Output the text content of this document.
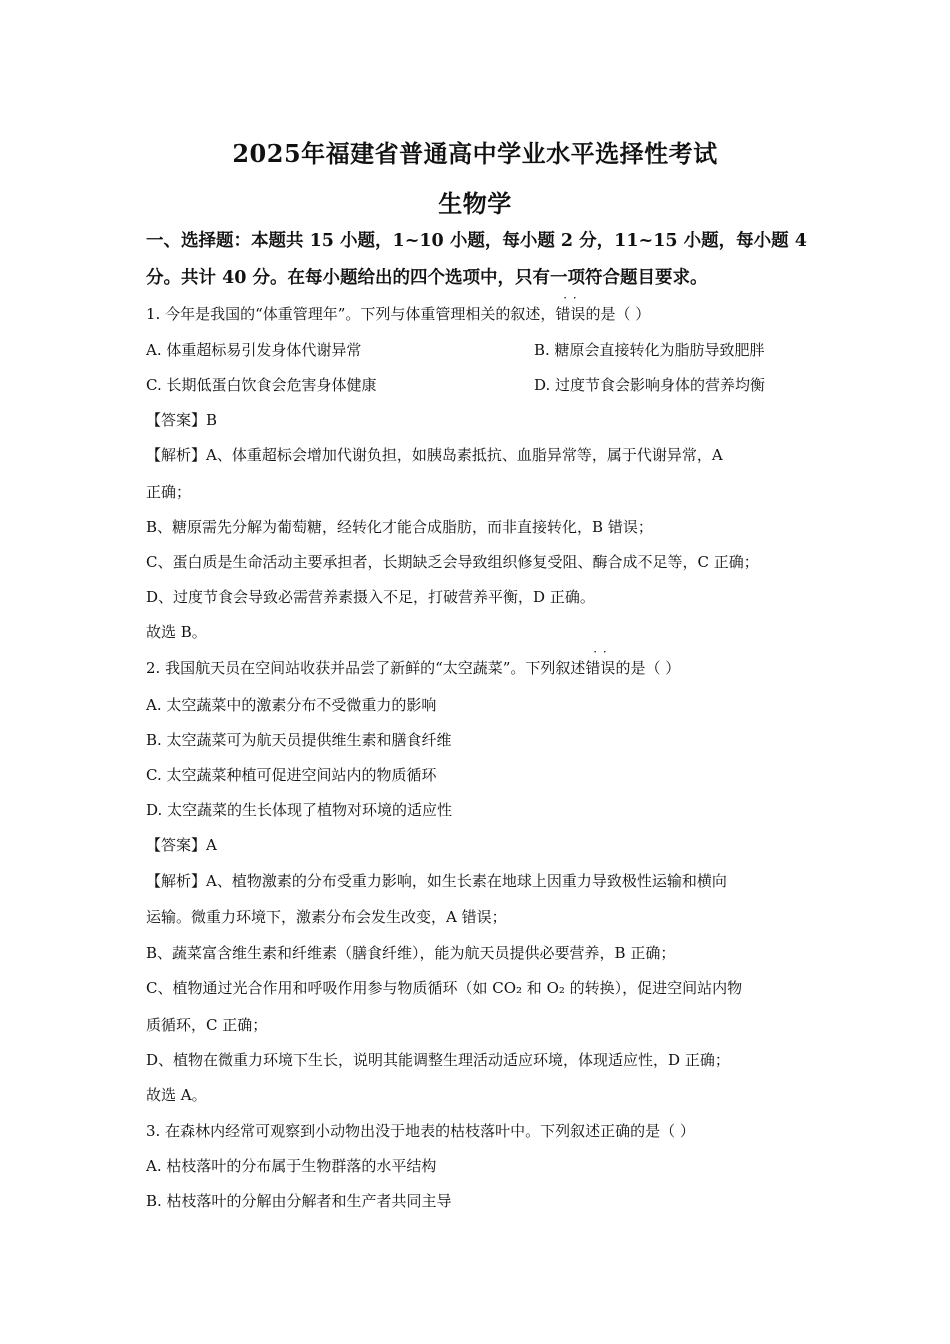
2025年福建省普通高中学业水平选择性考试
生物学
一、选择题：本题共 15 小题，1~10 小题，每小题 2 分，11~15 小题，每小题 4
分。共计 40 分。在每小题给出的四个选项中，只有一项符合题目要求。
1. 今年是我国的“体重管理年”。下列与体重管理相关的叙述，· · 错误的是（ ）
A. 体重超标易引发身体代谢异常	B. 糖原会直接转化为脂肪导致肥胖
C. 长期低蛋白饮食会危害身体健康	D. 过度节食会影响身体的营养均衡
【答案】B
【解析】A、体重超标会增加代谢负担，如胰岛素抵抗、血脂异常等，属于代谢异常，A
正确；
B、糖原需先分解为葡萄糖，经转化才能合成脂肪，而非直接转化，B 错误；
C、蛋白质是生命活动主要承担者，长期缺乏会导致组织修复受阻、酶合成不足等，C 正确；
D、过度节食会导致必需营养素摄入不足，打破营养平衡，D 正确。
故选 B。
2. 我国航天员在空间站收获并品尝了新鲜的“太空蔬菜”。下列叙述· · 错误的是（ ）
A. 太空蔬菜中的激素分布不受微重力的影响
B. 太空蔬菜可为航天员提供维生素和膳食纤维
C. 太空蔬菜种植可促进空间站内的物质循环
D. 太空蔬菜的生长体现了植物对环境的适应性
【答案】A
【解析】A、植物激素的分布受重力影响，如生长素在地球上因重力导致极性运输和横向
运输。微重力环境下，激素分布会发生改变，A 错误；
B、蔬菜富含维生素和纤维素（膳食纤维），能为航天员提供必要营养，B 正确；
C、植物通过光合作用和呼吸作用参与物质循环（如 CO₂ 和 O₂ 的转换），促进空间站内物
质循环，C 正确；
D、植物在微重力环境下生长，说明其能调整生理活动适应环境，体现适应性，D 正确；
故选 A。
3. 在森林内经常可观察到小动物出没于地表的枯枝落叶中。下列叙述正确的是（ ）
A. 枯枝落叶的分布属于生物群落的水平结构
B. 枯枝落叶的分解由分解者和生产者共同主导
